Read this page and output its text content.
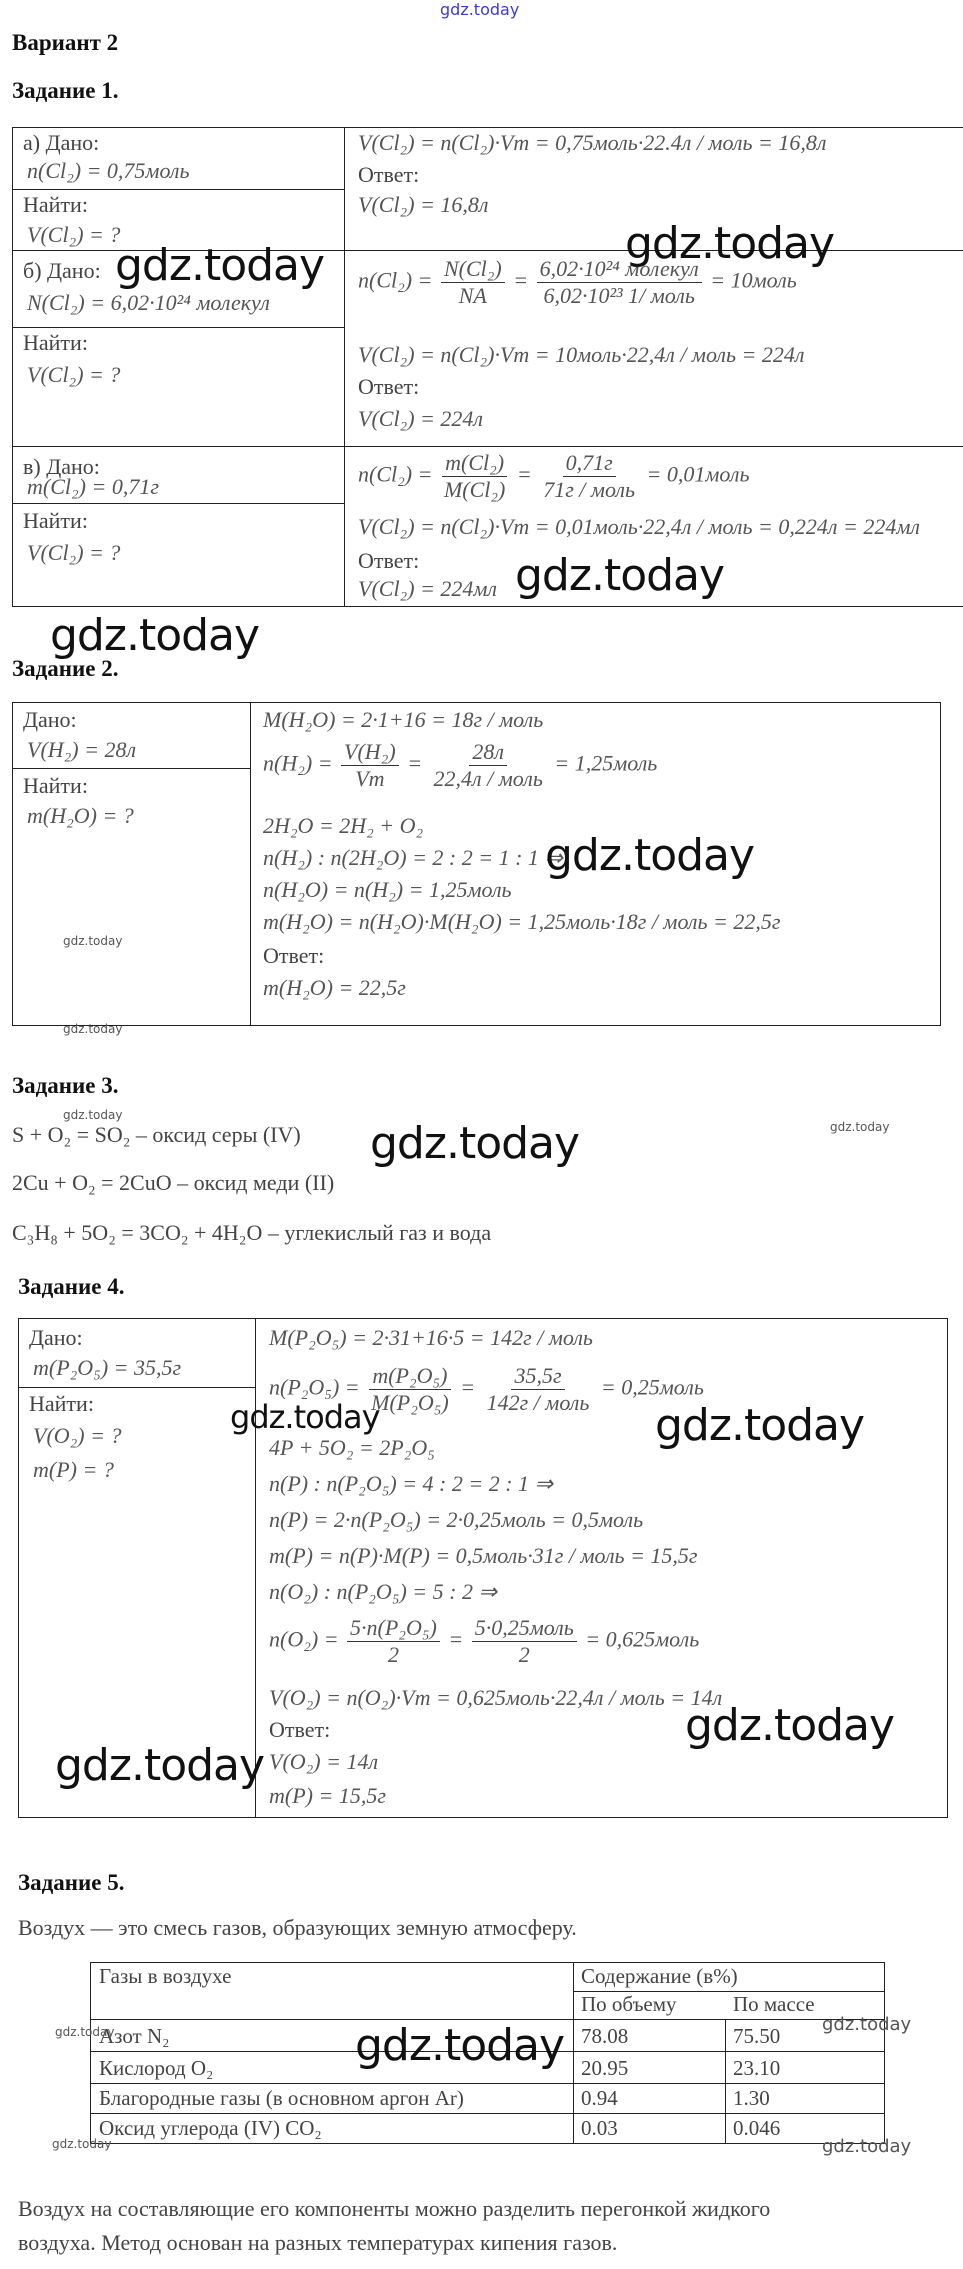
gdz.today
Вариант 2
Задание 1.
а) Дано:
n(Cl₂) = 0,75моль
Найти:
V(Cl₂) = ?
V(Cl₂) = n(Cl₂)·Vm = 0,75моль·22.4л / моль = 16,8л
Ответ:
V(Cl₂) = 16,8л
б) Дано:
N(Cl₂) = 6,02·10²⁴ молекул
Найти:
V(Cl₂) = ?
$n(Cl_2) = \frac{\text{N(Cl₂)}}{NA} = \frac{\text{6,02·10²⁴ молекул}}{\text{6,02·10²³ 1/ моль}}$ = 10моль
V(Cl₂) = n(Cl₂)·Vm = 10моль·22,4л / моль = 224л
Ответ:
V(Cl₂) = 224л
в) Дано:
m(Cl₂) = 0,71г
Найти:
V(Cl₂) = ?
$n(Cl_2) = \frac{\text{m(Cl₂)}}{\text{M(Cl₂)}} = \frac{0,71г}{\text{71г / моль}}$ = 0,01моль
V(Cl₂) = n(Cl₂)·Vm = 0,01моль·22,4л / моль = 0,224л = 224мл
Ответ:
V(Cl₂) = 224мл
Задание 2.
Дано:
V(H₂) = 28л
Найти:
m(H₂O) = ?
M(H₂O) = 2·1+16 = 18г / моль
$n(H_2) = \frac{\text{V(H₂)}}{Vm} = \frac{28л}{\text{22,4л / моль}}$ = 1,25моль
2H₂O = 2H₂ + O₂
n(H₂) : n(2H₂O) = 2 : 2 = 1 : 1 ⇒
n(H₂O) = n(H₂) = 1,25моль
m(H₂O) = n(H₂O)·M(H₂O) = 1,25моль·18г / моль = 22,5г
Ответ:
m(H₂O) = 22,5г
Задание 3.
S + O₂ = SO₂ – оксид серы (IV)
2Cu + O₂ = 2CuO – оксид меди (II)
C₃H₈ + 5O₂ = 3CO₂ + 4H₂O – углекислый газ и вода
Задание 4.
Дано:
m(P₂O₅) = 35,5г
Найти:
V(O₂) = ?
m(P) = ?
M(P₂O₅) = 2·31+16·5 = 142г / моль
$n(P_2O_5) = \frac{\text{m(P₂O₅)}}{\text{M(P₂O₅)}} = \frac{35,5г}{\text{142г / моль}}$ = 0,25моль
4P + 5O₂ = 2P₂O₅
n(P) : n(P₂O₅) = 4 : 2 = 2 : 1 ⇒
n(P) = 2·n(P₂O₅) = 2·0,25моль = 0,5моль
m(P) = n(P)·M(P) = 0,5моль·31г / моль = 15,5г
n(O₂) : n(P₂O₅) = 5 : 2 ⇒
$n(O_2) = \frac{\text{5·n(P₂O₅)}}{2} = \frac{\text{5·0,25моль}}{2}$ = 0,625моль
V(O₂) = n(O₂)·Vm = 0,625моль·22,4л / моль = 14л
Ответ:
V(O₂) = 14л
m(P) = 15,5г
Задание 5.
Воздух — это смесь газов, образующих земную атмосферу.
Газы в воздухе	Содержание (в%)
По объему	По массе
Азот N₂	78.08	75.50
Кислород O₂	20.95	23.10
Благородные газы (в основном аргон Ar)	0.94	1.30
Оксид углерода (IV) CO₂	0.03	0.046
Воздух на составляющие его компоненты можно разделить перегонкой жидкого
воздуха. Метод основан на разных температурах кипения газов.
gdz.today	gdz.today
gdz.today
gdz.today
gdz.today
gdz.today
gdz.today	gdz.today
gdz.today
gdz.today
gdz.today
gdz.today
gdz.today
gdz.today
gdz.today
gdz.today
gdz.today
gdz.today
gdz.today
